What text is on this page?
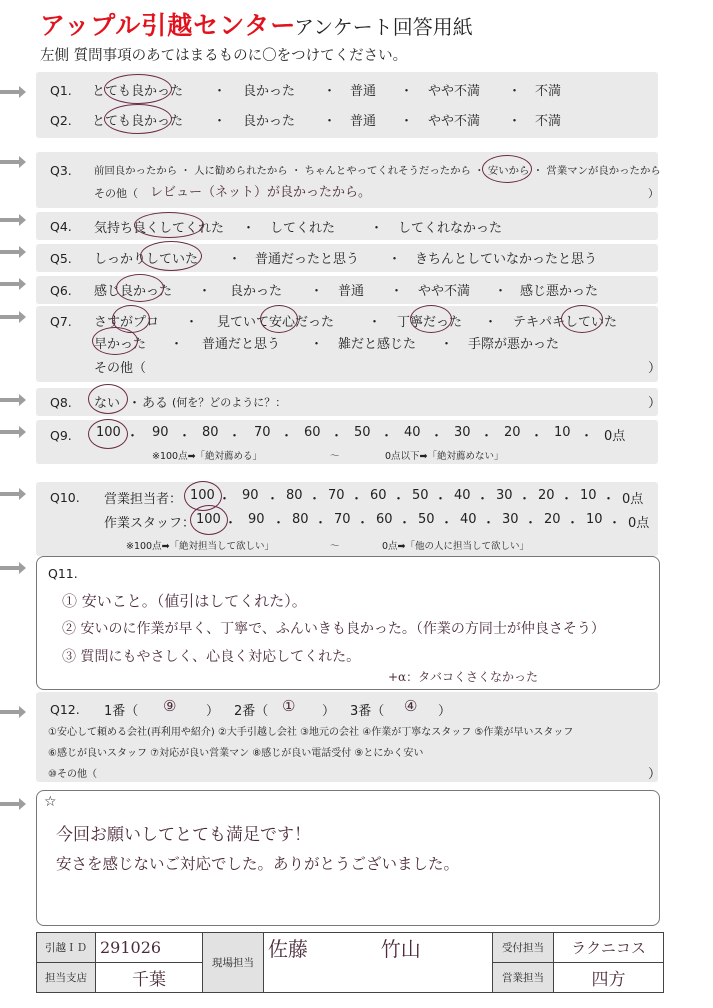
アップル引越センター
アンケート回答用紙
左側 質問事項のあてはまるものに〇をつけてください。
Q1. とても良かった ・ 良かった ・ 普通 ・ やや不満 ・ 不満
Q2. とても良かった ・ 良かった ・ 普通 ・ やや不満 ・ 不満
Q3. 前回良かったから ・ 人に勧められたから ・ ちゃんとやってくれそうだったから ・ 安いから ・ 営業マンが良かったから
その他（ レビュー（ネット）が良かったから。	）
Q4. 気持ち良くしてくれた ・ してくれた	・ してくれなかった
Q5. しっかりしていた ・ 普通だったと思う ・ きちんとしていなかったと思う
Q6. 感じ良かった ・ 良かった ・ 普通 ・ やや不満 ・ 感じ悪かった
Q7. さすがプロ ・ 見ていて安心だった	・ 丁寧だった ・ テキパキしていた
早かった ・ 普通だと思う ・ 雑だと感じた ・ 手際が悪かった
その他（	）
Q8. ない ・ ある (何を？どのように？：	）
Q9. 100 ・ 90 ・ 80 ・ 70 ・ 60 ・ 50 ・ 40 ・ 30 ・ 20 ・ 10 ・ 0点
※100点➡「絶対薦める」	〜	0点以下➡「絶対薦めない」
Q10. 営業担当者： 100 ・ 90 ・ 80 ・ 70 ・ 60 ・ 50 ・ 40 ・ 30 ・ 20 ・ 10 ・ 0点
作業スタッフ： 100 ・ 90 ・ 80 ・ 70 ・ 60 ・ 50 ・ 40 ・ 30 ・ 20 ・ 10 ・ 0点
※100点➡「絶対担当して欲しい」	〜	0点➡「他の人に担当して欲しい」
Q11.
① 安いこと。（値引はしてくれた）。
② 安いのに作業が早く、丁寧で、ふんいきも良かった。（作業の方同士が仲良さそう）
③ 質問にもやさしく、心良く対応してくれた。
+α：タバコくさくなかった
Q12. 1番（ ⑨ ） 2番（ ① ） 3番（ ④ ）
①安心して頼める会社(再利用や紹介) ②大手引越し会社 ③地元の会社 ④作業が丁寧なスタッフ ⑤作業が早いスタッフ
⑥感じが良いスタッフ ⑦対応が良い営業マン ⑧感じが良い電話受付 ⑨とにかく安い
⑩その他（	）
☆
今回お願いしてとても満足です！
安さを感じないご対応でした。ありがとうございました。
引越ＩＤ	291026	現場担当	佐藤 竹山	受付担当	ラクニコス
担当支店	千葉			営業担当	四方
